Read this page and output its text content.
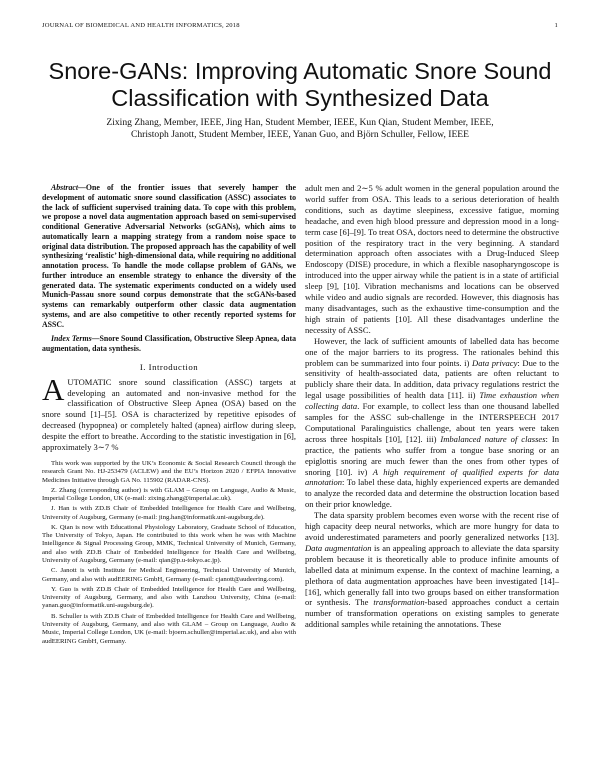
JOURNAL OF BIOMEDICAL AND HEALTH INFORMATICS, 2018	1
Snore-GANs: Improving Automatic Snore Sound Classification with Synthesized Data
Zixing Zhang, Member, IEEE, Jing Han, Student Member, IEEE, Kun Qian, Student Member, IEEE,
Christoph Janott, Student Member, IEEE, Yanan Guo, and Björn Schuller, Fellow, IEEE

Abstract—One of the frontier issues that severely hamper the development of automatic snore sound classification (ASSC) associates to the lack of sufficient supervised training data. To cope with this problem, we propose a novel data augmentation approach based on semi-supervised conditional Generative Adversarial Networks (scGANs), which aims to automatically learn a mapping strategy from a random noise space to original data distribution. The proposed approach has the capability of well synthesizing ‘realistic’ high-dimensional data, while requiring no additional annotation process. To handle the mode collapse problem of GANs, we further introduce an ensemble strategy to enhance the diversity of the generated data. The systematic experiments conducted on a widely used Munich-Passau snore sound corpus demonstrate that the scGANs-based systems can remarkably outperform other classic data augmentation systems, and are also competitive to other recently reported systems for ASSC.

Index Terms—Snore Sound Classification, Obstructive Sleep Apnea, data augmentation, data synthesis.

I. Introduction

AUTOMATIC snore sound classification (ASSC) targets at developing an automated and non-invasive method for the classification of Obstructive Sleep Apnea (OSA) based on the snore sound [1]–[5]. OSA is characterized by repetitive episodes of decreased (hypopnea) or completely halted (apnea) airflow during sleep, despite the effort to breathe. According to the statistic investigation in [6], approximately 3∼7 %

This work was supported by the UK’s Economic & Social Research Council through the research Grant No. HJ-253479 (ACLEW) and the EU’s Horizon 2020 / EFPIA Innovative Medicines Initiative through GA No. 115902 (RADAR-CNS).

Z. Zhang (corresponding author) is with GLAM – Group on Language, Audio & Music, Imperial College London, UK (e-mail: zixing.zhang@imperial.ac.uk).

J. Han is with ZD.B Chair of Embedded Intelligence for Health Care and Wellbeing, University of Augsburg, Germany (e-mail: jing.han@informatik.uni-augsburg.de).

K. Qian is now with Educational Physiology Laboratory, Graduate School of Education, The University of Tokyo, Japan. He contributed to this work when he was with Machine Intelligence & Signal Processing Group, MMK, Technical University of Munich, Germany, and also with ZD.B Chair of Embedded Intelligence for Health Care and Wellbeing, University of Augsburg, Germany (e-mail: qian@p.u-tokyo.ac.jp).

C. Janott is with Institute for Medical Engineering, Technical University of Munich, Germany, and also with audEERING GmbH, Germany (e-mail: cjanott@audeering.com).

Y. Guo is with ZD.B Chair of Embedded Intelligence for Health Care and Wellbeing, University of Augsburg, Germany, and also with Lanzhou University, China (e-mail: yanan.guo@informatik.uni-augsburg.de).

B. Schuller is with ZD.B Chair of Embedded Intelligence for Health Care and Wellbeing, University of Augsburg, Germany, and also with GLAM – Group on Language, Audio & Music, Imperial College London, UK (e-mail: bjoern.schuller@imperial.ac.uk), and also with audEERING GmbH, Germany.

adult men and 2∼5 % adult women in the general population around the world suffer from OSA. This leads to a serious deterioration of health conditions, such as daytime sleepiness, excessive fatigue, morning headache, and even high blood pressure and depression mood in a long-term case [6]–[9]. To treat OSA, doctors need to determine the obstructive position of the respiratory tract in the very beginning. A standard determination approach often associates with a Drug-Induced Sleep Endoscopy (DISE) procedure, in which a flexible nasopharyngoscope is introduced into the upper airway while the patient is in a state of artificial sleep [9], [10]. Vibration mechanisms and locations can be observed while video and audio signals are recorded. However, this diagnosis has many disadvantages, such as the exhaustive time-consumption and the high strain of patients [10]. All these disadvantages underline the necessity of ASSC.

However, the lack of sufficient amounts of labelled data has become one of the major barriers to its progress. The rationales behind this problem can be summarized into four points. i) Data privacy: Due to the sensitivity of health-associated data, patients are often reluctant to publicly share their data. In addition, data privacy regulations restrict the legal usage possibilities of health data [11]. ii) Time exhaustion when collecting data. For example, to collect less than one thousand labelled samples for the ASSC sub-challenge in the INTERSPEECH 2017 Computational Paralinguistics challenge, about ten years were taken across three hospitals [10], [12]. iii) Imbalanced nature of classes: In practice, the patients who suffer from a tongue base snoring or an epiglottis snoring are much fewer than the ones from other types of snoring [10]. iv) A high requirement of qualified experts for data annotation: To label these data, highly experienced experts are demanded to analyze the recorded data and determine the obstruction location based on their prior knowledge.

The data sparsity problem becomes even worse with the recent rise of high capacity deep neural networks, which are more hungry for data to avoid underestimated parameters and poorly generalized networks [13]. Data augmentation is an appealing approach to alleviate the data sparsity problem because it is theoretically able to produce infinite amounts of labelled data at minimum expense. In the context of machine learning, a plethora of data augmentation approaches have been investigated [14]–[16], which generally fall into two groups based on either transformation or synthesis. The transformation-based approaches conduct a certain number of transformation operations on existing samples to generate additional samples while retaining the annotations. These
